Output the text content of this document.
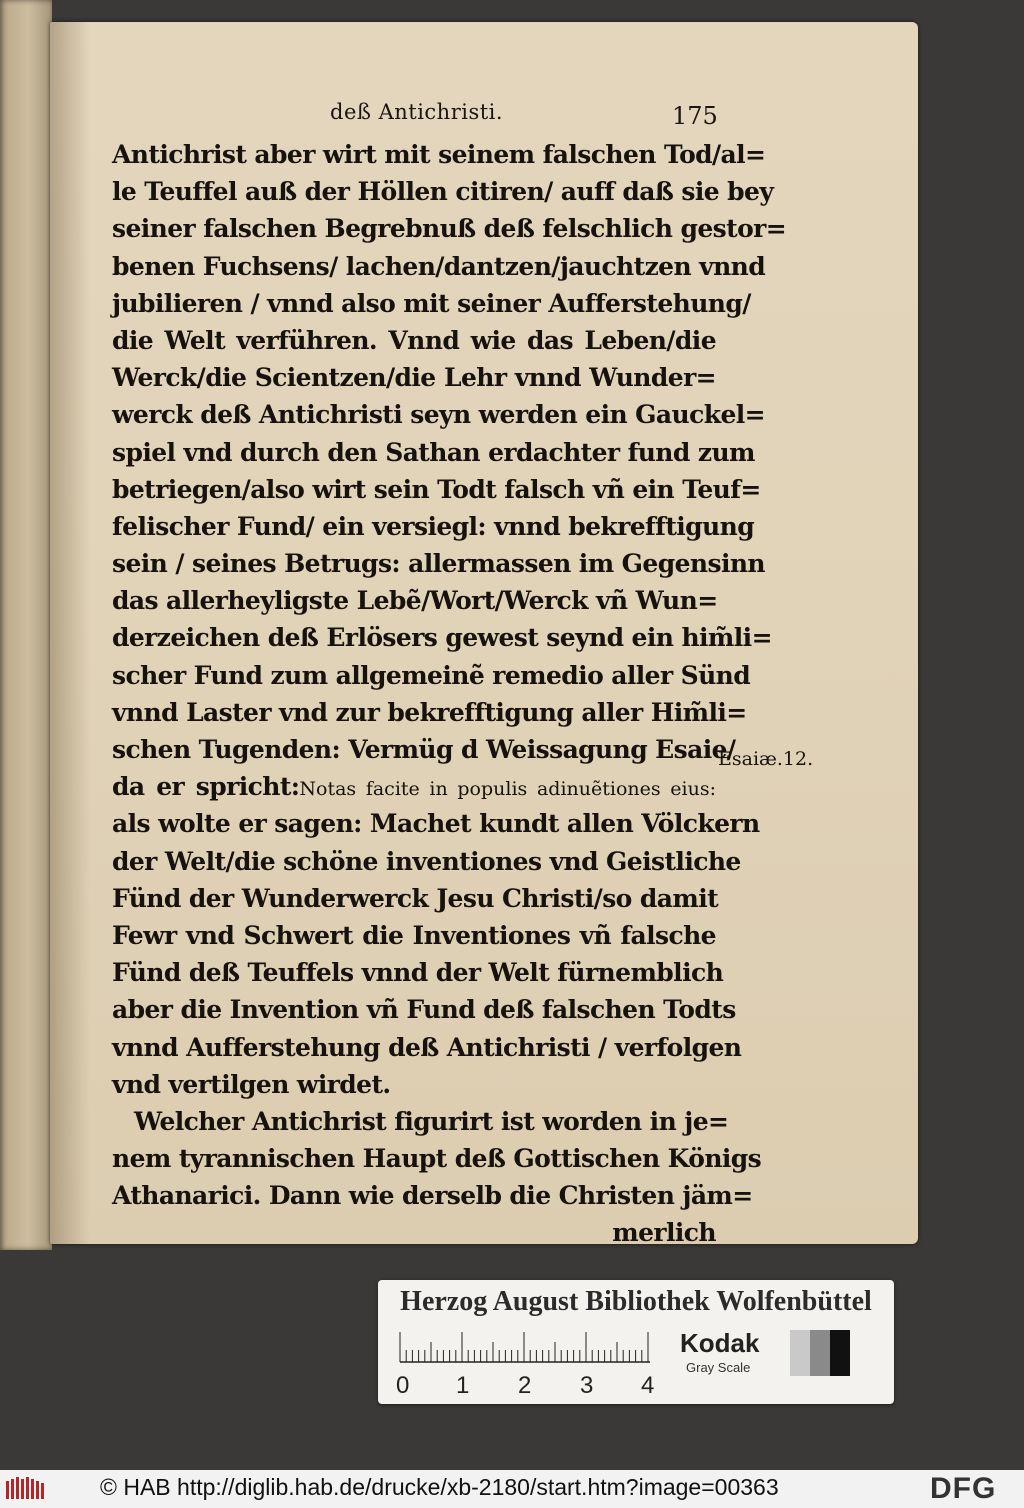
deß Antichristi.	175
Antichrist aber wirt mit seinem falschen Tod/al=
le Teuffel auß der Höllen citiren/ auff daß sie bey
seiner falschen Begrebnuß deß felschlich gestor=
benen Fuchsens/ lachen/dantzen/jauchtzen vnnd
jubilieren / vnnd also mit seiner Aufferstehung/
die Welt verführen. Vnnd wie das Leben/die
Werck/die Scientzen/die Lehr vnnd Wunder=
werck deß Antichristi seyn werden ein Gauckel=
spiel vnd durch den Sathan erdachter fund zum
betriegen/also wirt sein Todt falsch vñ ein Teuf=
felischer Fund/ ein versiegl: vnnd bekrefftigung
sein / seines Betrugs: allermassen im Gegensinn
das allerheyligste Lebẽ/Wort/Werck vñ Wun=
derzeichen deß Erlösers gewest seynd ein him̃li=
scher Fund zum allgemeinẽ remedio aller Sünd
vnnd Laster vnd zur bekrefftigung aller Him̃li=
schen Tugenden: Vermüg d Weissagung Esaie/
da er spricht:Notas facite in populis adinuẽtiones eius:
als wolte er sagen: Machet kundt allen Völckern
der Welt/die schöne inventiones vnd Geistliche
Fünd der Wunderwerck Jesu Christi/so damit
Fewr vnd Schwert die Inventiones vñ falsche
Fünd deß Teuffels vnnd der Welt fürnemblich
aber die Invention vñ Fund deß falschen Todts
vnnd Aufferstehung deß Antichristi / verfolgen
vnd vertilgen wirdet.
Welcher Antichrist figurirt ist worden in je=
nem tyrannischen Haupt deß Gottischen Königs
Athanarici. Dann wie derselb die Christen jäm=
merlich
Esaiæ.12.
Herzog August Bibliothek Wolfenbüttel
0 1 2 3 4
Kodak
Gray Scale
© HAB http://diglib.hab.de/drucke/xb-2180/start.htm?image=00363	DFG
